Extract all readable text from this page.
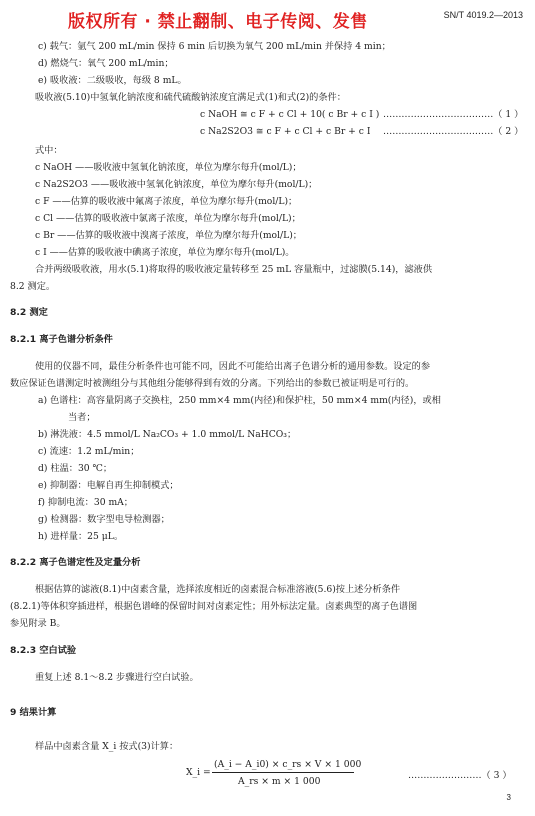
版权所有 · 禁止翻制、电子传阅、发售	SN/T 4019.2—2013
c) 载气：氩气 200 mL/min 保持 6 min 后切换为氧气 200 mL/min 并保持 4 min；
d) 燃烧气：氧气 200 mL/min；
e) 吸收液：二级吸收，每级 8 mL。
吸收液(5.10)中氢氧化钠浓度和硫代硫酸钠浓度宜满足式(1)和式(2)的条件：
c NaOH ≅ c F + c Cl + 10( c Br + c I ) ………………………………（ 1 ）
c Na2S2O3 ≅ c F + c Cl + c Br + c I ………………………………（ 2 ）
式中：
c NaOH ——吸收液中氢氧化钠浓度，单位为摩尔每升(mol/L)；
c Na2S2O3 ——吸收液中氢氧化钠浓度，单位为摩尔每升(mol/L)；
c F ——估算的吸收液中氟离子浓度，单位为摩尔每升(mol/L)；
c Cl ——估算的吸收液中氯离子浓度，单位为摩尔每升(mol/L)；
c Br ——估算的吸收液中溴离子浓度，单位为摩尔每升(mol/L)；
c I ——估算的吸收液中碘离子浓度，单位为摩尔每升(mol/L)。
合并两级吸收液，用水(5.1)将取得的吸收液定量转移至 25 mL 容量瓶中，过滤膜(5.14)，滤液供
8.2 测定。
8.2 测定
8.2.1 离子色谱分析条件
使用的仪器不同，最佳分析条件也可能不同，因此不可能给出离子色谱分析的通用参数。设定的参
数应保证色谱测定时被测组分与其他组分能够得到有效的分离。下列给出的参数已被证明是可行的。
a) 色谱柱：高容量阴离子交换柱，250 mm×4 mm(内径)和保护柱，50 mm×4 mm(内径)，或相
当者；
b) 淋洗液：4.5 mmol/L Na₂CO₃ + 1.0 mmol/L NaHCO₃；
c) 流速：1.2 mL/min；
d) 柱温：30 ℃；
e) 抑制器：电解自再生抑制模式；
f) 抑制电流：30 mA；
g) 检测器：数字型电导检测器；
h) 进样量：25 μL。
8.2.2 离子色谱定性及定量分析
根据估算的滤液(8.1)中卤素含量，选择浓度相近的卤素混合标准溶液(5.6)按上述分析条件
(8.2.1)等体积穿插进样，根据色谱峰的保留时间对卤素定性；用外标法定量。卤素典型的离子色谱图
参见附录 B。
8.2.3 空白试验
重复上述 8.1～8.2 步骤进行空白试验。
9 结果计算
样品中卤素含量 X_i 按式(3)计算：
X_i =
(A_i − A_i0) × c_rs × V × 1 000
A_rs × m × 1 000
……………………（ 3 ）
3
